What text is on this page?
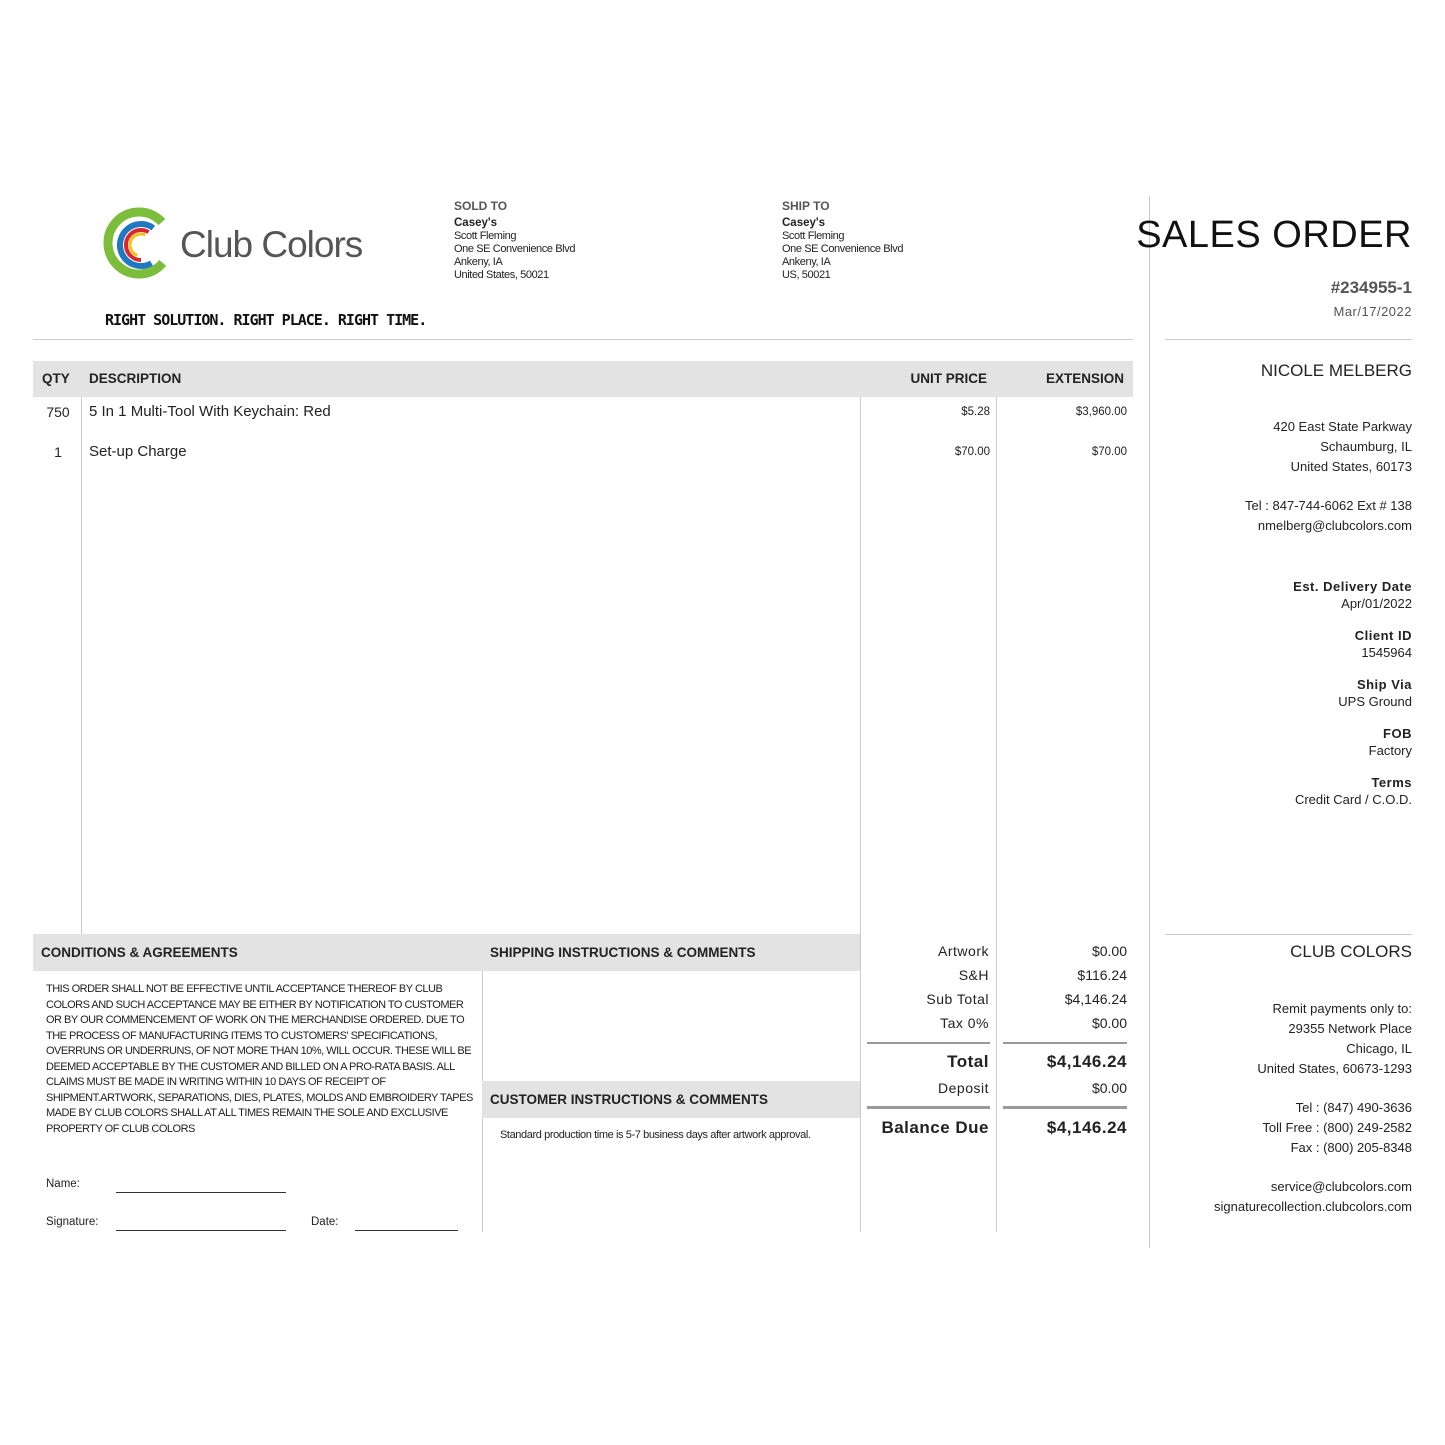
Club Colors
RIGHT SOLUTION. RIGHT PLACE. RIGHT TIME.
SOLD TO
Casey's
Scott Fleming
One SE Convenience Blvd
Ankeny, IA
United States, 50021
SHIP TO
Casey's
Scott Fleming
One SE Convenience Blvd
Ankeny, IA
US, 50021
QTY DESCRIPTION	UNIT PRICE	EXTENSION
750 5 In 1 Multi-Tool With Keychain: Red	$5.28	$3,960.00
1	Set-up Charge	$70.00	$70.00
CONDITIONS & AGREEMENTS
THIS ORDER SHALL NOT BE EFFECTIVE UNTIL ACCEPTANCE THEREOF BY CLUB COLORS AND SUCH ACCEPTANCE MAY BE EITHER BY NOTIFICATION TO CUSTOMER OR BY OUR COMMENCEMENT OF WORK ON THE MERCHANDISE ORDERED. DUE TO THE PROCESS OF MANUFACTURING ITEMS TO CUSTOMERS' SPECIFICATIONS, OVERRUNS OR UNDERRUNS, OF NOT MORE THAN 10%, WILL OCCUR. THESE WILL BE DEEMED ACCEPTABLE BY THE CUSTOMER AND BILLED ON A PRO-RATA BASIS. ALL CLAIMS MUST BE MADE IN WRITING WITHIN 10 DAYS OF RECEIPT OF SHIPMENT.ARTWORK, SEPARATIONS, DIES, PLATES, MOLDS AND EMBROIDERY TAPES MADE BY CLUB COLORS SHALL AT ALL TIMES REMAIN THE SOLE AND EXCLUSIVE PROPERTY OF CLUB COLORS
Name:
Signature:	Date:
SHIPPING INSTRUCTIONS & COMMENTS
CUSTOMER INSTRUCTIONS & COMMENTS
Standard production time is 5-7 business days after artwork approval.
Artwork	$0.00
S&H	$116.24
Sub Total	$4,146.24
Tax 0%	$0.00
Total	$4,146.24
Deposit	$0.00
Balance Due	$4,146.24
SALES ORDER
#234955-1
Mar/17/2022
NICOLE MELBERG
420 East State Parkway
Schaumburg, IL
United States, 60173
Tel : 847-744-6062 Ext # 138
nmelberg@clubcolors.com
Est. Delivery Date
Apr/01/2022
Client ID
1545964
Ship Via
UPS Ground
FOB
Factory
Terms
Credit Card / C.O.D.
CLUB COLORS
Remit payments only to:
29355 Network Place
Chicago, IL
United States, 60673-1293
Tel : (847) 490-3636
Toll Free : (800) 249-2582
Fax : (800) 205-8348
service@clubcolors.com
signaturecollection.clubcolors.com
